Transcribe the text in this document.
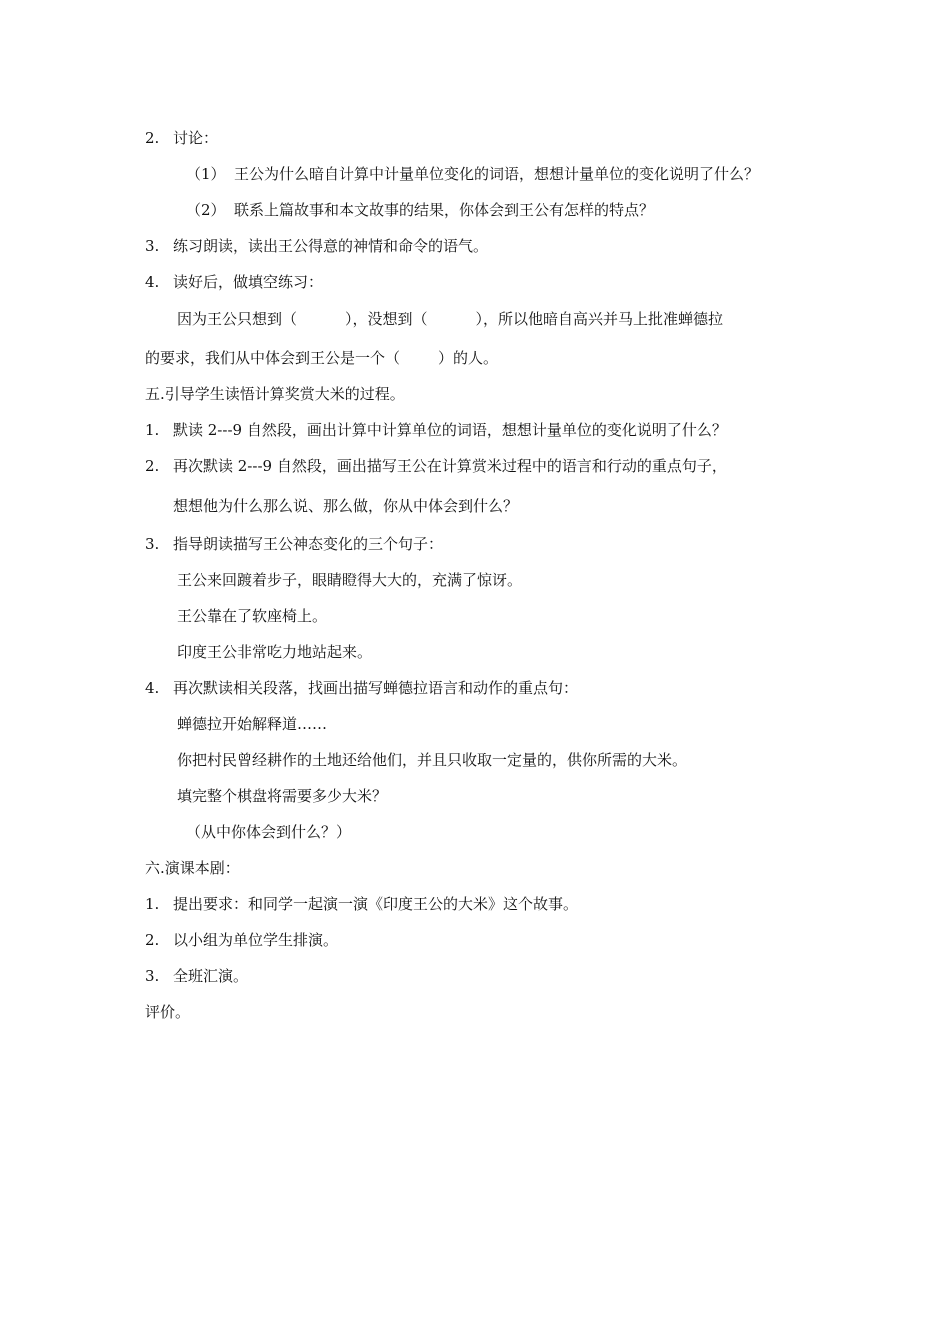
2. 讨论：
（1） 王公为什么暗自计算中计量单位变化的词语，想想计量单位的变化说明了什么？
（2） 联系上篇故事和本文故事的结果，你体会到王公有怎样的特点？
3. 练习朗读，读出王公得意的神情和命令的语气。
4. 读好后，做填空练习：
因为王公只想到（	），没想到（	），所以他暗自高兴并马上批准蝉德拉
的要求，我们从中体会到王公是一个（	）的人。
五.引导学生读悟计算奖赏大米的过程。
1. 默读 2---9 自然段，画出计算中计算单位的词语，想想计量单位的变化说明了什么？
2. 再次默读 2---9 自然段，画出描写王公在计算赏米过程中的语言和行动的重点句子，
想想他为什么那么说、那么做，你从中体会到什么？
3. 指导朗读描写王公神态变化的三个句子：
王公来回踱着步子，眼睛瞪得大大的，充满了惊讶。
王公靠在了软座椅上。
印度王公非常吃力地站起来。
4. 再次默读相关段落，找画出描写蝉德拉语言和动作的重点句：
蝉德拉开始解释道……
你把村民曾经耕作的土地还给他们，并且只收取一定量的，供你所需的大米。
填完整个棋盘将需要多少大米？
（从中你体会到什么？）
六.演课本剧：
1. 提出要求：和同学一起演一演《印度王公的大米》这个故事。
2. 以小组为单位学生排演。
3. 全班汇演。
评价。
